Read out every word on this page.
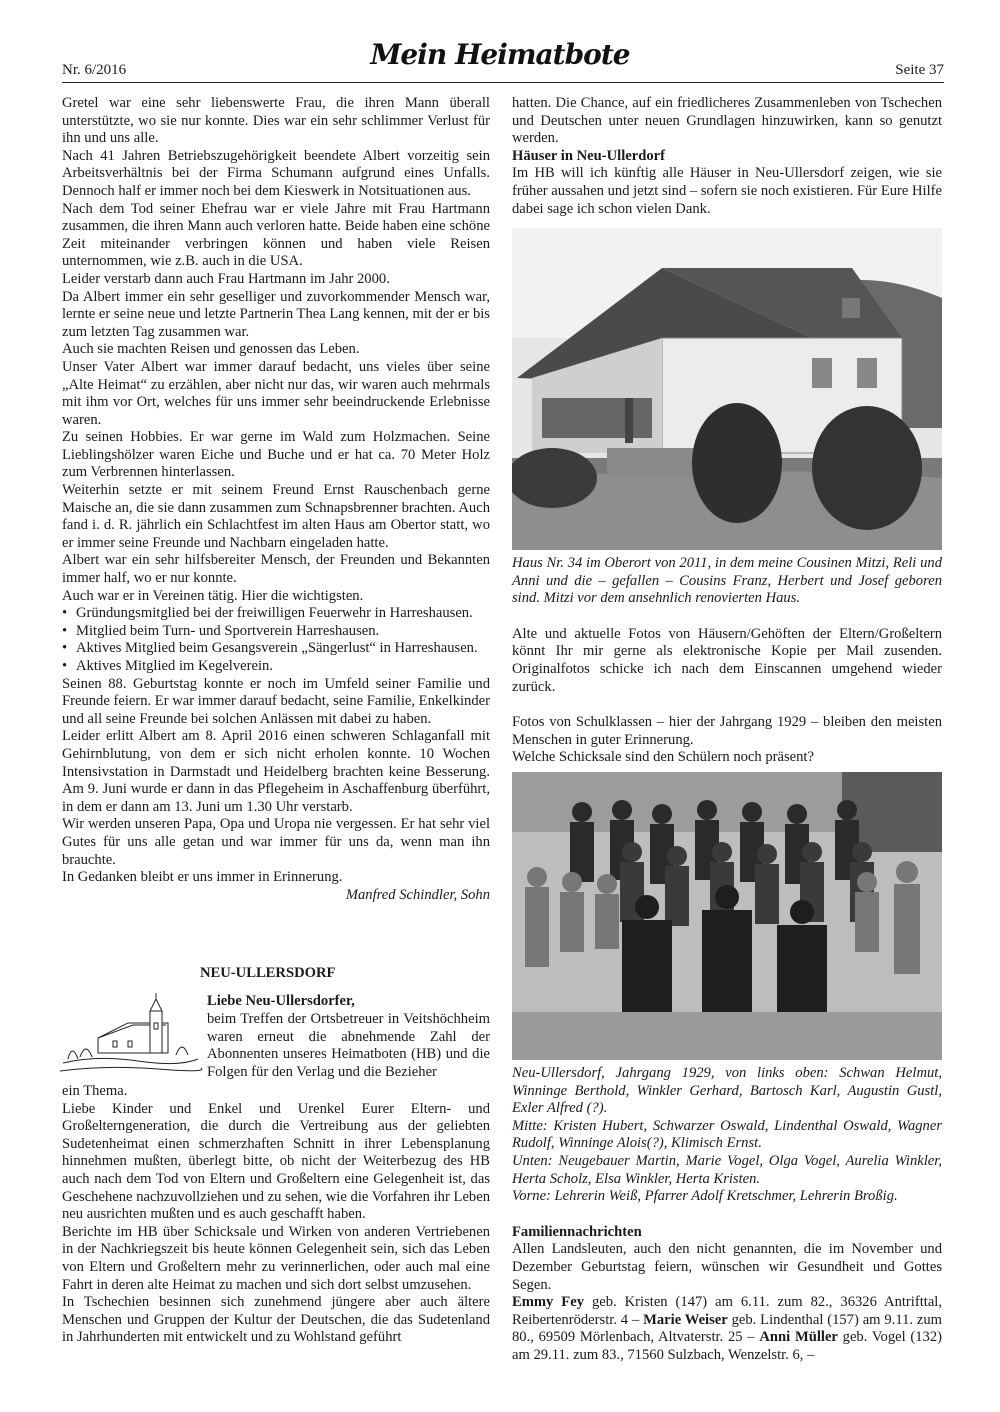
Nr. 6/2016	Mein Heimatbote	Seite 37

Gretel war eine sehr liebenswerte Frau, die ihren Mann überall unterstützte, wo sie nur konnte. Dies war ein sehr schlimmer Verlust für ihn und uns alle.

Nach 41 Jahren Betriebszugehörigkeit beendete Albert vorzeitig sein Arbeitsverhältnis bei der Firma Schumann aufgrund eines Unfalls. Dennoch half er immer noch bei dem Kieswerk in Notsituationen aus.

Nach dem Tod seiner Ehefrau war er viele Jahre mit Frau Hartmann zusammen, die ihren Mann auch verloren hatte. Beide haben eine schöne Zeit miteinander verbringen können und haben viele Reisen unternommen, wie z.B. auch in die USA.

Leider verstarb dann auch Frau Hartmann im Jahr 2000.

Da Albert immer ein sehr geselliger und zuvorkommender Mensch war, lernte er seine neue und letzte Partnerin Thea Lang kennen, mit der er bis zum letzten Tag zusammen war.

Auch sie machten Reisen und genossen das Leben.

Unser Vater Albert war immer darauf bedacht, uns vieles über seine „Alte Heimat“ zu erzählen, aber nicht nur das, wir waren auch mehrmals mit ihm vor Ort, welches für uns immer sehr beeindruckende Erlebnisse waren.

Zu seinen Hobbies. Er war gerne im Wald zum Holzmachen. Seine Lieblingshölzer waren Eiche und Buche und er hat ca. 70 Meter Holz zum Verbrennen hinterlassen.

Weiterhin setzte er mit seinem Freund Ernst Rauschenbach gerne Maische an, die sie dann zusammen zum Schnapsbrenner brachten. Auch fand i. d. R. jährlich ein Schlachtfest im alten Haus am Obertor statt, wo er immer seine Freunde und Nachbarn eingeladen hatte.

Albert war ein sehr hilfsbereiter Mensch, der Freunden und Bekannten immer half, wo er nur konnte.

Auch war er in Vereinen tätig. Hier die wichtigsten.

• Gründungsmitglied bei der freiwilligen Feuerwehr in Harreshausen.
• Mitglied beim Turn- und Sportverein Harreshausen.
• Aktives Mitglied beim Gesangsverein „Sängerlust“ in Harreshausen.
• Aktives Mitglied im Kegelverein.

Seinen 88. Geburtstag konnte er noch im Umfeld seiner Familie und Freunde feiern. Er war immer darauf bedacht, seine Familie, Enkelkinder und all seine Freunde bei solchen Anlässen mit dabei zu haben.

Leider erlitt Albert am 8. April 2016 einen schweren Schlaganfall mit Gehirnblutung, von dem er sich nicht erholen konnte. 10 Wochen Intensivstation in Darmstadt und Heidelberg brachten keine Besserung. Am 9. Juni wurde er dann in das Pflegeheim in Aschaffenburg überführt, in dem er dann am 13. Juni um 1.30 Uhr verstarb.

Wir werden unseren Papa, Opa und Uropa nie vergessen. Er hat sehr viel Gutes für uns alle getan und war immer für uns da, wenn man ihn brauchte.

In Gedanken bleibt er uns immer in Erinnerung.

Manfred Schindler, Sohn

NEU-ULLERSDORF
Liebe Neu-Ullersdorfer,
beim Treffen der Ortsbetreuer in Veitshöchheim waren erneut die abnehmende Zahl der Abonnenten unseres Heimatboten (HB) und die Folgen für den Verlag und die Bezieher

ein Thema.

Liebe Kinder und Enkel und Urenkel Eurer Eltern- und Großelterngeneration, die durch die Vertreibung aus der geliebten Sudetenheimat einen schmerzhaften Schnitt in ihrer Lebensplanung hinnehmen mußten, überlegt bitte, ob nicht der Weiterbezug des HB auch nach dem Tod von Eltern und Großeltern eine Gelegenheit ist, das Geschehene nachzuvollziehen und zu sehen, wie die Vorfahren ihr Leben neu ausrichten mußten und es auch geschafft haben.

Berichte im HB über Schicksale und Wirken von anderen Vertriebenen in der Nachkriegszeit bis heute können Gelegenheit sein, sich das Leben von Eltern und Großeltern mehr zu verinnerlichen, oder auch mal eine Fahrt in deren alte Heimat zu machen und sich dort selbst umzusehen.

In Tschechien besinnen sich zunehmend jüngere aber auch ältere Menschen und Gruppen der Kultur der Deutschen, die das Sudetenland in Jahrhunderten mit entwickelt und zu Wohlstand geführt

hatten. Die Chance, auf ein friedlicheres Zusammenleben von Tschechen und Deutschen unter neuen Grundlagen hinzuwirken, kann so genutzt werden.

Häuser in Neu-Ullerdorf

Im HB will ich künftig alle Häuser in Neu-Ullersdorf zeigen, wie sie früher aussahen und jetzt sind – sofern sie noch existieren. Für Eure Hilfe dabei sage ich schon vielen Dank.

Haus Nr. 34 im Oberort von 2011, in dem meine Cousinen Mitzi, Reli und Anni und die – gefallen – Cousins Franz, Herbert und Josef geboren sind. Mitzi vor dem ansehnlich renovierten Haus.

Alte und aktuelle Fotos von Häusern/Gehöften der Eltern/Großeltern könnt Ihr mir gerne als elektronische Kopie per Mail zusenden. Originalfotos schicke ich nach dem Einscannen umgehend wieder zurück.

Fotos von Schulklassen – hier der Jahrgang 1929 – bleiben den meisten Menschen in guter Erinnerung.

Welche Schicksale sind den Schülern noch präsent?

Neu-Ullersdorf, Jahrgang 1929, von links oben: Schwan Helmut, Winninge Berthold, Winkler Gerhard, Bartosch Karl, Augustin Gustl, Exler Alfred (?).

Mitte: Kristen Hubert, Schwarzer Oswald, Lindenthal Oswald, Wagner Rudolf, Winninge Alois(?), Klimisch Ernst.

Unten: Neugebauer Martin, Marie Vogel, Olga Vogel, Aurelia Winkler, Herta Scholz, Elsa Winkler, Herta Kristen.

Vorne: Lehrerin Weiß, Pfarrer Adolf Kretschmer, Lehrerin Broßig.

Familiennachrichten

Allen Landsleuten, auch den nicht genannten, die im November und Dezember Geburtstag feiern, wünschen wir Gesundheit und Gottes Segen.

Emmy Fey geb. Kristen (147) am 6.11. zum 82., 36326 Antrifttal, Reibertenröderstr. 4 – Marie Weiser geb. Lindenthal (157) am 9.11. zum 80., 69509 Mörlenbach, Altvaterstr. 25 – Anni Müller geb. Vogel (132) am 29.11. zum 83., 71560 Sulzbach, Wenzelstr. 6, –
